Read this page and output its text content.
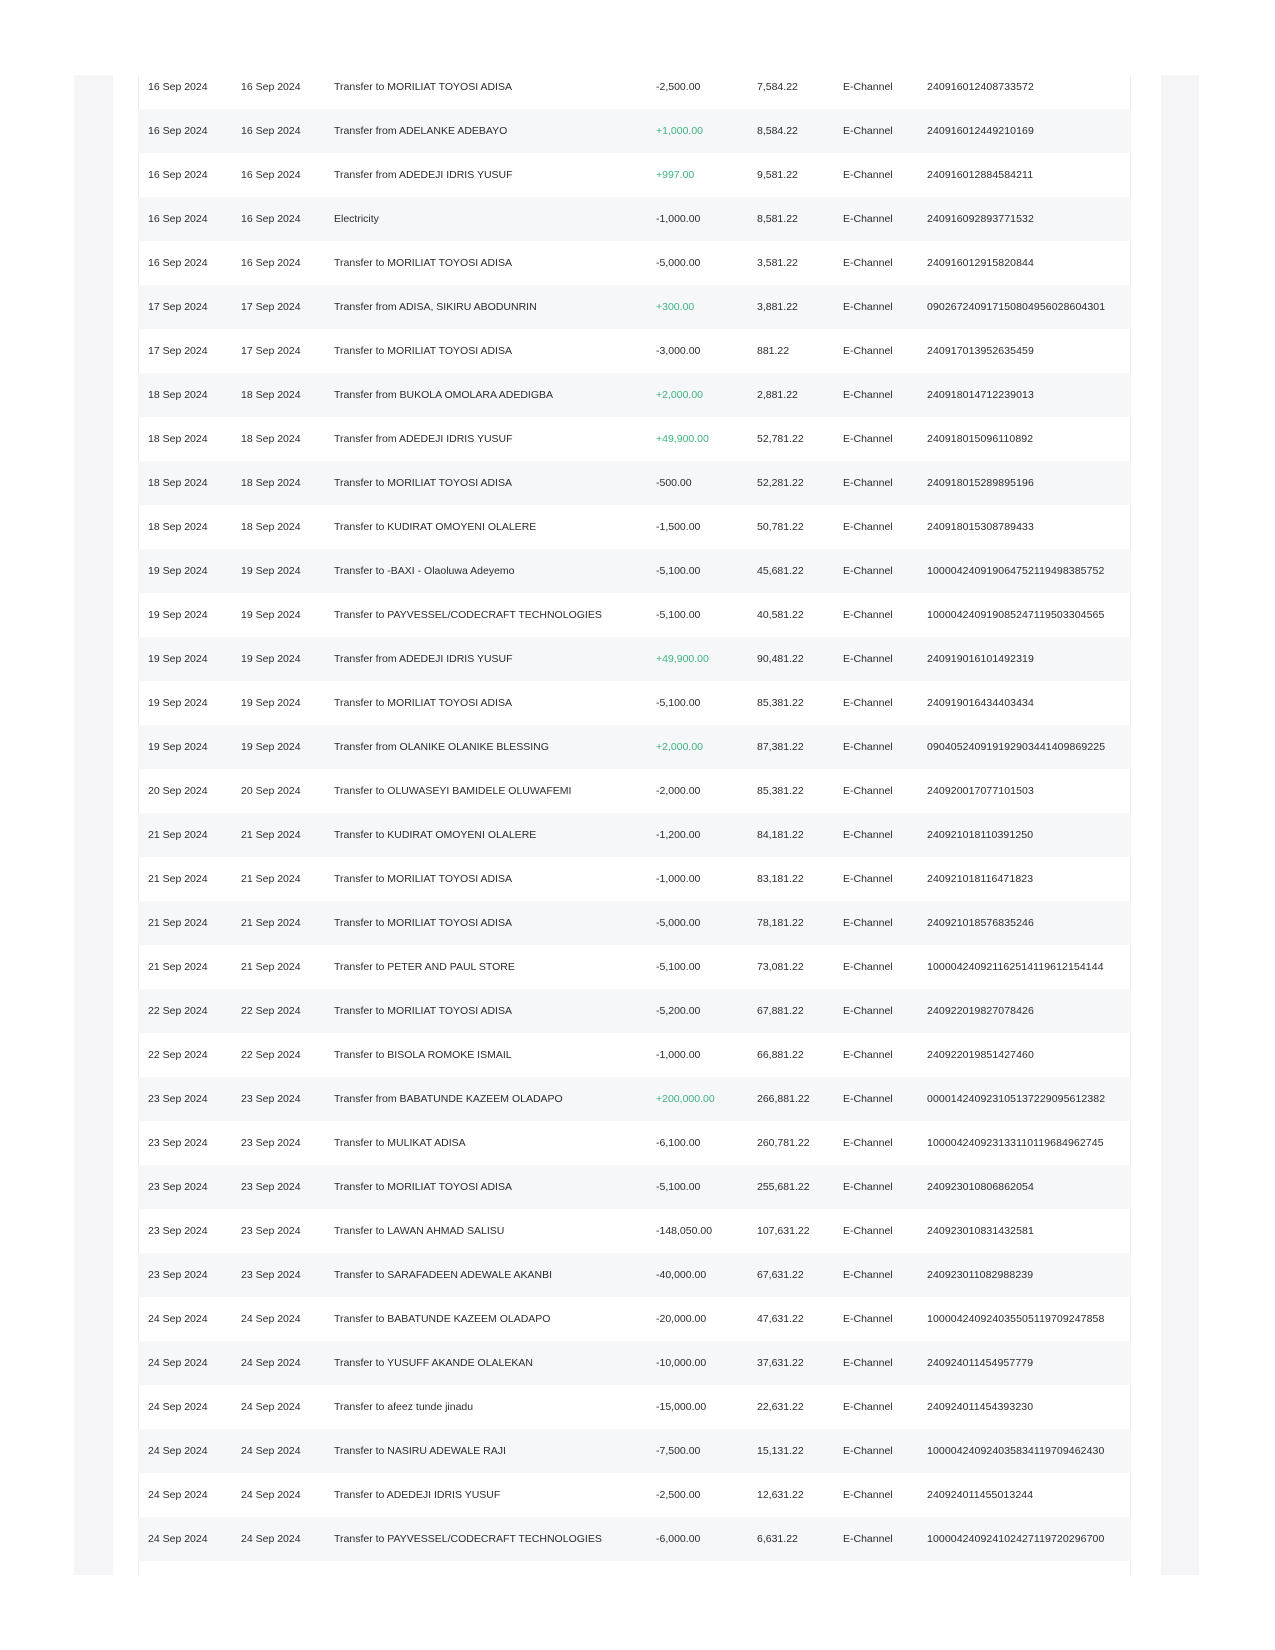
16 Sep 2024	16 Sep 2024	Transfer to MORILIAT TOYOSI ADISA	-2,500.00	7,584.22	E-Channel	240916012408733572
16 Sep 2024	16 Sep 2024	Transfer from ADELANKE ADEBAYO	+1,000.00	8,584.22	E-Channel	240916012449210169
16 Sep 2024	16 Sep 2024	Transfer from ADEDEJI IDRIS YUSUF	+997.00	9,581.22	E-Channel	240916012884584211
16 Sep 2024	16 Sep 2024	Electricity	-1,000.00	8,581.22	E-Channel	240916092893771532
16 Sep 2024	16 Sep 2024	Transfer to MORILIAT TOYOSI ADISA	-5,000.00	3,581.22	E-Channel	240916012915820844
17 Sep 2024	17 Sep 2024	Transfer from ADISA, SIKIRU ABODUNRIN	+300.00	3,881.22	E-Channel	090267240917150804956028604301
17 Sep 2024	17 Sep 2024	Transfer to MORILIAT TOYOSI ADISA	-3,000.00	881.22	E-Channel	240917013952635459
18 Sep 2024	18 Sep 2024	Transfer from BUKOLA OMOLARA ADEDIGBA	+2,000.00	2,881.22	E-Channel	240918014712239013
18 Sep 2024	18 Sep 2024	Transfer from ADEDEJI IDRIS YUSUF	+49,900.00	52,781.22	E-Channel	240918015096110892
18 Sep 2024	18 Sep 2024	Transfer to MORILIAT TOYOSI ADISA	-500.00	52,281.22	E-Channel	240918015289895196
18 Sep 2024	18 Sep 2024	Transfer to KUDIRAT OMOYENI OLALERE	-1,500.00	50,781.22	E-Channel	240918015308789433
19 Sep 2024	19 Sep 2024	Transfer to -BAXI - Olaoluwa Adeyemo	-5,100.00	45,681.22	E-Channel	100004240919064752119498385752
19 Sep 2024	19 Sep 2024	Transfer to PAYVESSEL/CODECRAFT TECHNOLOGIES	-5,100.00	40,581.22	E-Channel	100004240919085247119503304565
19 Sep 2024	19 Sep 2024	Transfer from ADEDEJI IDRIS YUSUF	+49,900.00	90,481.22	E-Channel	240919016101492319
19 Sep 2024	19 Sep 2024	Transfer to MORILIAT TOYOSI ADISA	-5,100.00	85,381.22	E-Channel	240919016434403434
19 Sep 2024	19 Sep 2024	Transfer from OLANIKE OLANIKE BLESSING	+2,000.00	87,381.22	E-Channel	090405240919192903441409869225
20 Sep 2024	20 Sep 2024	Transfer to OLUWASEYI BAMIDELE OLUWAFEMI	-2,000.00	85,381.22	E-Channel	240920017077101503
21 Sep 2024	21 Sep 2024	Transfer to KUDIRAT OMOYENI OLALERE	-1,200.00	84,181.22	E-Channel	240921018110391250
21 Sep 2024	21 Sep 2024	Transfer to MORILIAT TOYOSI ADISA	-1,000.00	83,181.22	E-Channel	240921018116471823
21 Sep 2024	21 Sep 2024	Transfer to MORILIAT TOYOSI ADISA	-5,000.00	78,181.22	E-Channel	240921018576835246
21 Sep 2024	21 Sep 2024	Transfer to PETER AND PAUL STORE	-5,100.00	73,081.22	E-Channel	100004240921162514119612154144
22 Sep 2024	22 Sep 2024	Transfer to MORILIAT TOYOSI ADISA	-5,200.00	67,881.22	E-Channel	240922019827078426
22 Sep 2024	22 Sep 2024	Transfer to BISOLA ROMOKE ISMAIL	-1,000.00	66,881.22	E-Channel	240922019851427460
23 Sep 2024	23 Sep 2024	Transfer from BABATUNDE KAZEEM OLADAPO	+200,000.00	266,881.22	E-Channel	000014240923105137229095612382
23 Sep 2024	23 Sep 2024	Transfer to MULIKAT ADISA	-6,100.00	260,781.22	E-Channel	100004240923133110119684962745
23 Sep 2024	23 Sep 2024	Transfer to MORILIAT TOYOSI ADISA	-5,100.00	255,681.22	E-Channel	240923010806862054
23 Sep 2024	23 Sep 2024	Transfer to LAWAN AHMAD SALISU	-148,050.00	107,631.22	E-Channel	240923010831432581
23 Sep 2024	23 Sep 2024	Transfer to SARAFADEEN ADEWALE AKANBI	-40,000.00	67,631.22	E-Channel	240923011082988239
24 Sep 2024	24 Sep 2024	Transfer to BABATUNDE KAZEEM OLADAPO	-20,000.00	47,631.22	E-Channel	100004240924035505119709247858
24 Sep 2024	24 Sep 2024	Transfer to YUSUFF AKANDE OLALEKAN	-10,000.00	37,631.22	E-Channel	240924011454957779
24 Sep 2024	24 Sep 2024	Transfer to afeez tunde jinadu	-15,000.00	22,631.22	E-Channel	240924011454393230
24 Sep 2024	24 Sep 2024	Transfer to NASIRU ADEWALE RAJI	-7,500.00	15,131.22	E-Channel	100004240924035834119709462430
24 Sep 2024	24 Sep 2024	Transfer to ADEDEJI IDRIS YUSUF	-2,500.00	12,631.22	E-Channel	240924011455013244
24 Sep 2024	24 Sep 2024	Transfer to PAYVESSEL/CODECRAFT TECHNOLOGIES	-6,000.00	6,631.22	E-Channel	100004240924102427119720296700
